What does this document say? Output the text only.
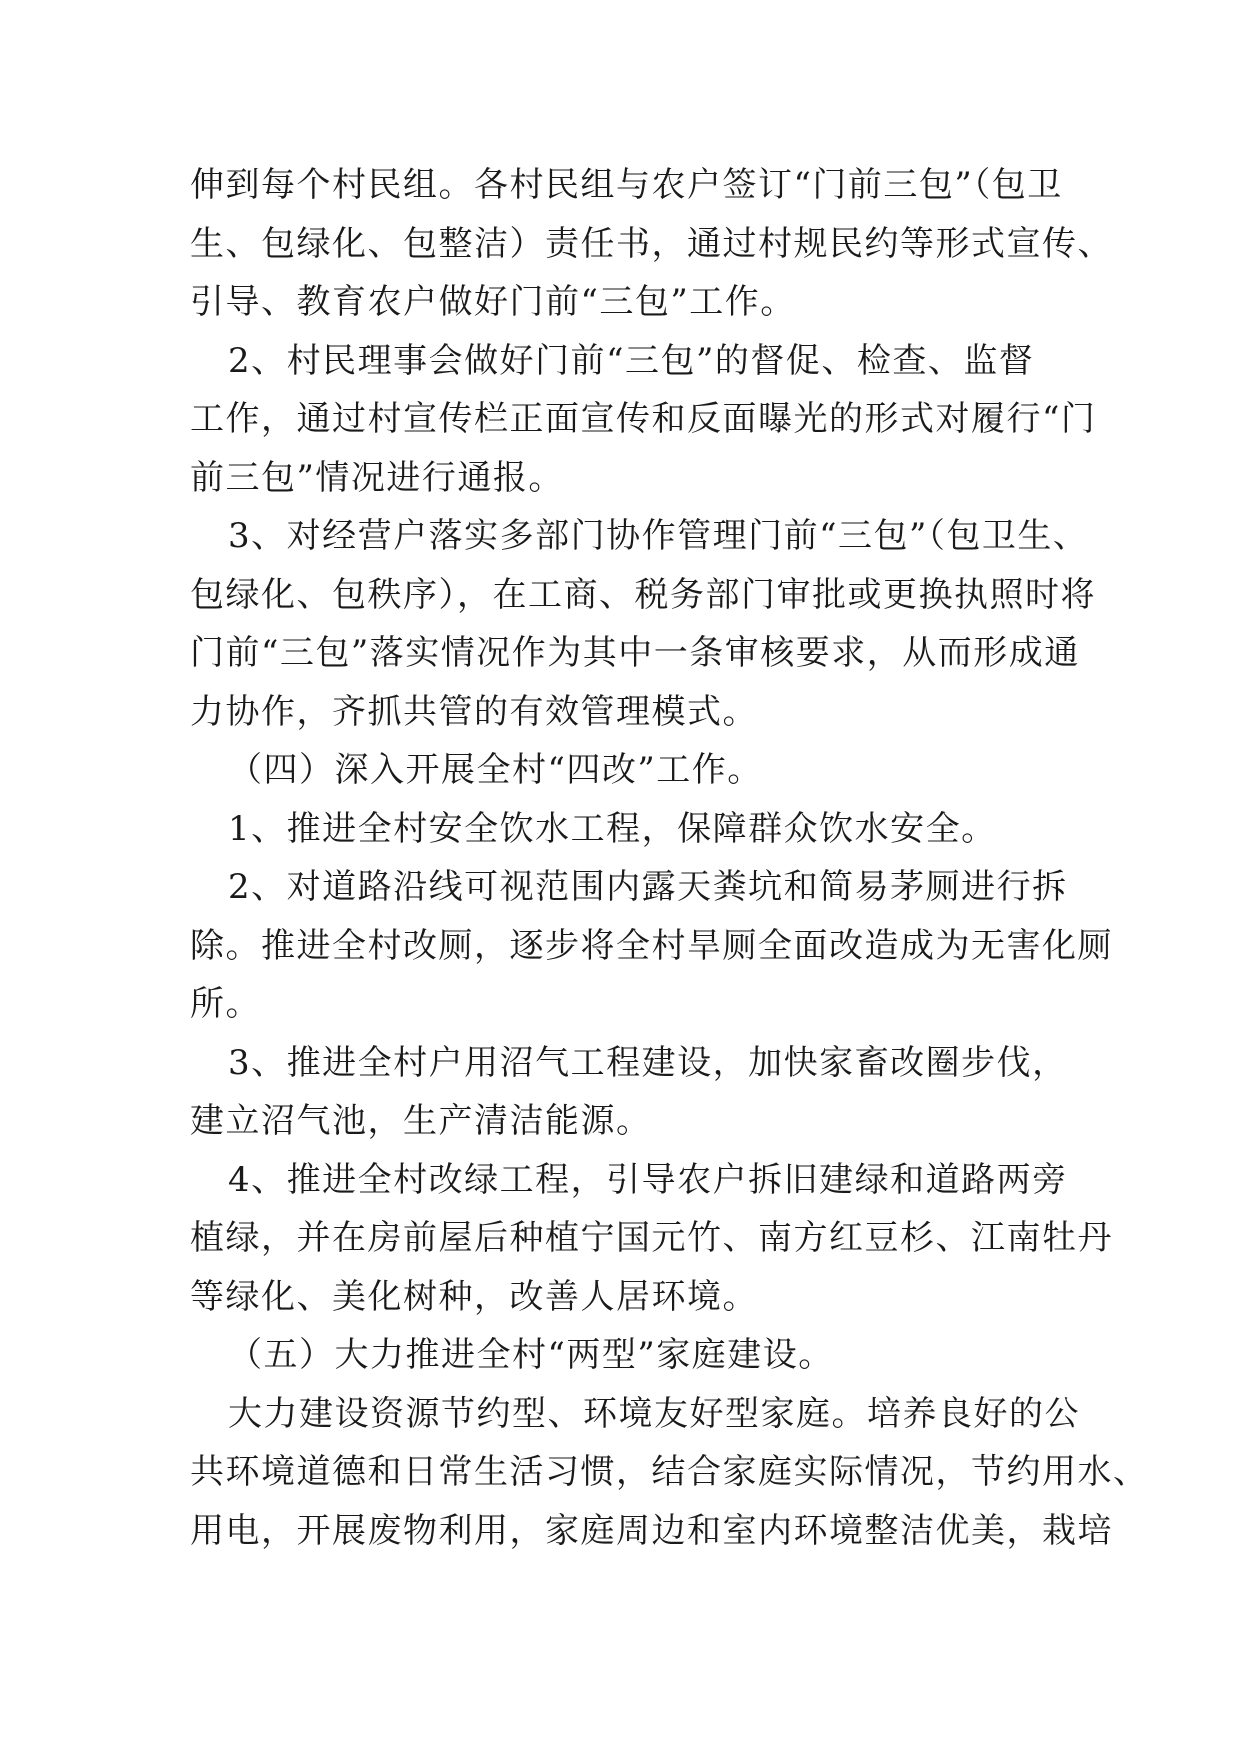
伸到每个村民组。各村民组与农户签订“门前三包”（包卫
生、包绿化、包整洁）责任书，通过村规民约等形式宣传、
引导、教育农户做好门前“三包”工作。
2、村民理事会做好门前“三包”的督促、检查、监督
工作，通过村宣传栏正面宣传和反面曝光的形式对履行“门
前三包”情况进行通报。
3、对经营户落实多部门协作管理门前“三包”（包卫生、
包绿化、包秩序），在工商、税务部门审批或更换执照时将
门前“三包”落实情况作为其中一条审核要求，从而形成通
力协作，齐抓共管的有效管理模式。
（四）深入开展全村“四改”工作。
1、推进全村安全饮水工程，保障群众饮水安全。
2、对道路沿线可视范围内露天粪坑和简易茅厕进行拆
除。推进全村改厕，逐步将全村旱厕全面改造成为无害化厕
所。
3、推进全村户用沼气工程建设，加快家畜改圈步伐，
建立沼气池，生产清洁能源。
4、推进全村改绿工程，引导农户拆旧建绿和道路两旁
植绿，并在房前屋后种植宁国元竹、南方红豆杉、江南牡丹
等绿化、美化树种，改善人居环境。
（五）大力推进全村“两型”家庭建设。
大力建设资源节约型、环境友好型家庭。培养良好的公
共环境道德和日常生活习惯，结合家庭实际情况，节约用水、
用电，开展废物利用，家庭周边和室内环境整洁优美，栽培
